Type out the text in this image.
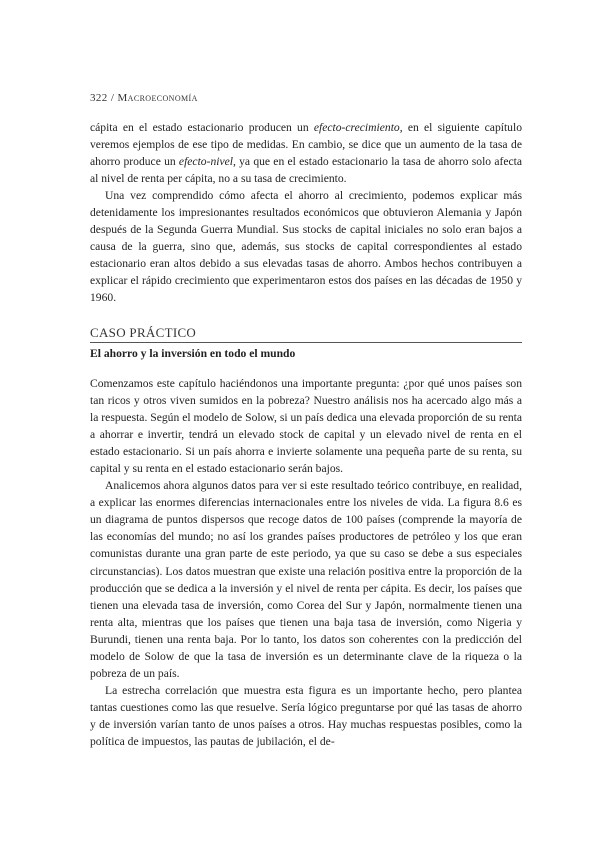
322 / Macroeconomía

cápita en el estado estacionario producen un efecto-crecimiento, en el siguiente capítulo veremos ejemplos de ese tipo de medidas. En cambio, se dice que un aumento de la tasa de ahorro produce un efecto-nivel, ya que en el estado estacionario la tasa de ahorro solo afecta al nivel de renta per cápita, no a su tasa de crecimiento.

Una vez comprendido cómo afecta el ahorro al crecimiento, podemos explicar más detenidamente los impresionantes resultados económicos que obtuvieron Alemania y Japón después de la Segunda Guerra Mundial. Sus stocks de capital iniciales no solo eran bajos a causa de la guerra, sino que, además, sus stocks de capital correspondientes al estado estacionario eran altos debido a sus elevadas tasas de ahorro. Ambos hechos contribuyen a explicar el rápido crecimiento que experimentaron estos dos países en las décadas de 1950 y 1960.

CASO PRÁCTICO
El ahorro y la inversión en todo el mundo

Comenzamos este capítulo haciéndonos una importante pregunta: ¿por qué unos países son tan ricos y otros viven sumidos en la pobreza? Nuestro análisis nos ha acercado algo más a la respuesta. Según el modelo de Solow, si un país dedica una elevada proporción de su renta a ahorrar e invertir, tendrá un elevado stock de capital y un elevado nivel de renta en el estado estacionario. Si un país ahorra e invierte solamente una pequeña parte de su renta, su capital y su renta en el estado estacionario serán bajos.

Analicemos ahora algunos datos para ver si este resultado teórico contribuye, en realidad, a explicar las enormes diferencias internacionales entre los niveles de vida. La figura 8.6 es un diagrama de puntos dispersos que recoge datos de 100 países (comprende la mayoría de las economías del mundo; no así los grandes países productores de petróleo y los que eran comunistas durante una gran parte de este periodo, ya que su caso se debe a sus especiales circunstancias). Los datos muestran que existe una relación positiva entre la proporción de la producción que se dedica a la inversión y el nivel de renta per cápita. Es decir, los países que tienen una elevada tasa de inversión, como Corea del Sur y Japón, normalmente tienen una renta alta, mientras que los países que tienen una baja tasa de inversión, como Nigeria y Burundi, tienen una renta baja. Por lo tanto, los datos son coherentes con la predicción del modelo de Solow de que la tasa de inversión es un determinante clave de la riqueza o la pobreza de un país.

La estrecha correlación que muestra esta figura es un importante hecho, pero plantea tantas cuestiones como las que resuelve. Sería lógico preguntarse por qué las tasas de ahorro y de inversión varían tanto de unos países a otros. Hay muchas respuestas posibles, como la política de impuestos, las pautas de jubilación, el de-
